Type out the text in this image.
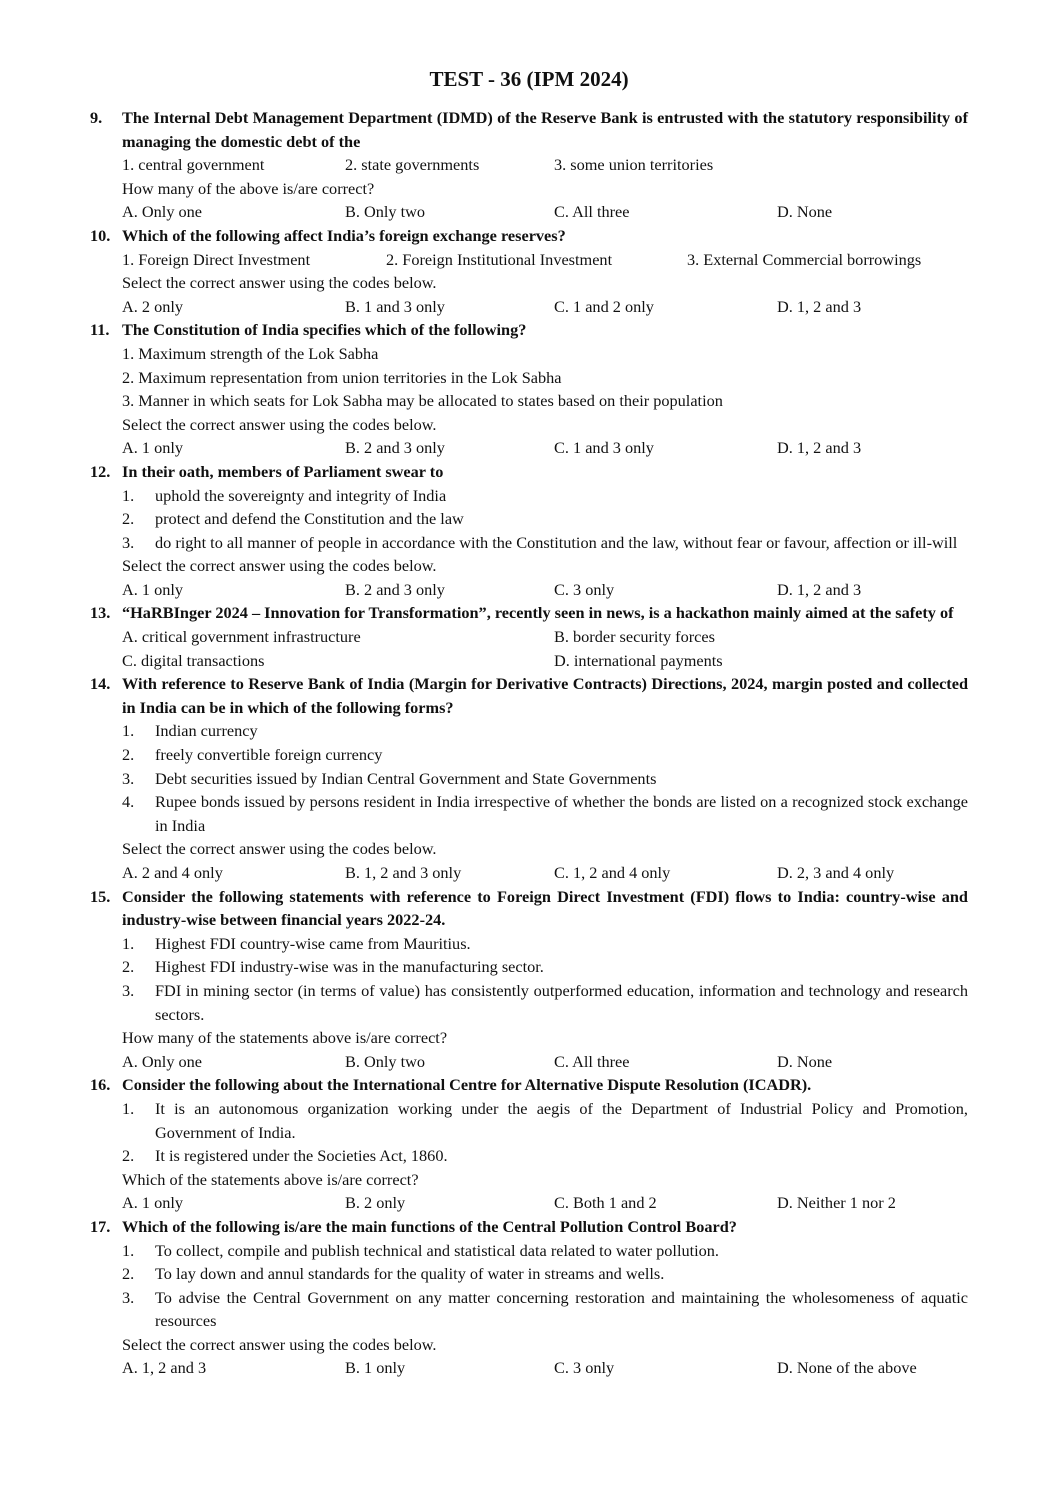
TEST - 36 (IPM 2024)
9. The Internal Debt Management Department (IDMD) of the Reserve Bank is entrusted with the statutory responsibility of managing the domestic debt of the
1. central government	2. state governments	3. some union territories
How many of the above is/are correct?
A. Only one	B. Only two	C. All three	D. None
10. Which of the following affect India’s foreign exchange reserves?
1. Foreign Direct Investment	2. Foreign Institutional Investment	3. External Commercial borrowings
Select the correct answer using the codes below.
A. 2 only	B. 1 and 3 only	C. 1 and 2 only	D. 1, 2 and 3
11. The Constitution of India specifies which of the following?
1. Maximum strength of the Lok Sabha
2. Maximum representation from union territories in the Lok Sabha
3. Manner in which seats for Lok Sabha may be allocated to states based on their population
Select the correct answer using the codes below.
A. 1 only	B. 2 and 3 only	C. 1 and 3 only	D. 1, 2 and 3
12. In their oath, members of Parliament swear to
1. uphold the sovereignty and integrity of India
2. protect and defend the Constitution and the law
3. do right to all manner of people in accordance with the Constitution and the law, without fear or favour, affection or ill-will
Select the correct answer using the codes below.
A. 1 only	B. 2 and 3 only	C. 3 only	D. 1, 2 and 3
13. “HaRBInger 2024 – Innovation for Transformation”, recently seen in news, is a hackathon mainly aimed at the safety of
A. critical government infrastructure	B. border security forces
C. digital transactions	D. international payments
14. With reference to Reserve Bank of India (Margin for Derivative Contracts) Directions, 2024, margin posted and collected in India can be in which of the following forms?
1. Indian currency
2. freely convertible foreign currency
3. Debt securities issued by Indian Central Government and State Governments
4. Rupee bonds issued by persons resident in India irrespective of whether the bonds are listed on a recognized stock exchange in India
Select the correct answer using the codes below.
A. 2 and 4 only	B. 1, 2 and 3 only	C. 1, 2 and 4 only	D. 2, 3 and 4 only
15. Consider the following statements with reference to Foreign Direct Investment (FDI) flows to India: country-wise and industry-wise between financial years 2022-24.
1. Highest FDI country-wise came from Mauritius.
2. Highest FDI industry-wise was in the manufacturing sector.
3. FDI in mining sector (in terms of value) has consistently outperformed education, information and technology and research sectors.
How many of the statements above is/are correct?
A. Only one	B. Only two	C. All three	D. None
16. Consider the following about the International Centre for Alternative Dispute Resolution (ICADR).
1. It is an autonomous organization working under the aegis of the Department of Industrial Policy and Promotion, Government of India.
2. It is registered under the Societies Act, 1860.
Which of the statements above is/are correct?
A. 1 only	B. 2 only	C. Both 1 and 2	D. Neither 1 nor 2
17. Which of the following is/are the main functions of the Central Pollution Control Board?
1. To collect, compile and publish technical and statistical data related to water pollution.
2. To lay down and annul standards for the quality of water in streams and wells.
3. To advise the Central Government on any matter concerning restoration and maintaining the wholesomeness of aquatic resources
Select the correct answer using the codes below.
A. 1, 2 and 3	B. 1 only	C. 3 only	D. None of the above
